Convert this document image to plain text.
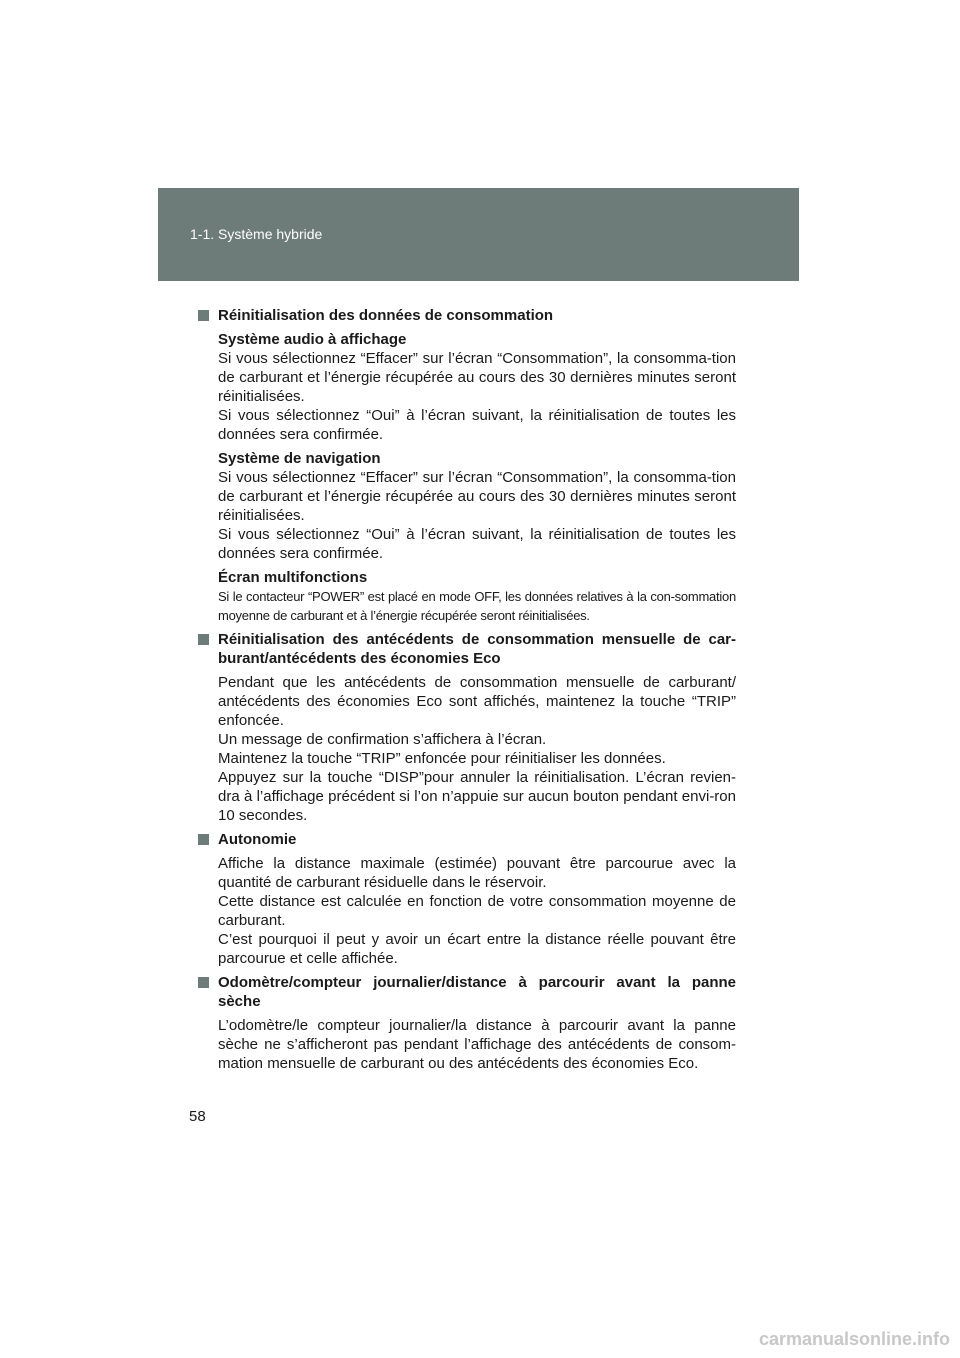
1-1. Système hybride
Réinitialisation des données de consommation

Système audio à affichage

Si vous sélectionnez “Effacer” sur l’écran “Consommation”, la consomma-tion de carburant et l’énergie récupérée au cours des 30 dernières minutes seront réinitialisées.

Si vous sélectionnez “Oui” à l’écran suivant, la réinitialisation de toutes les données sera confirmée.

Système de navigation

Si vous sélectionnez “Effacer” sur l’écran “Consommation”, la consomma-tion de carburant et l’énergie récupérée au cours des 30 dernières minutes seront réinitialisées.

Si vous sélectionnez “Oui” à l’écran suivant, la réinitialisation de toutes les données sera confirmée.

Écran multifonctions

Si le contacteur “POWER” est placé en mode OFF, les données relatives à la con-sommation moyenne de carburant et à l’énergie récupérée seront réinitialisées.

Réinitialisation des antécédents de consommation mensuelle de car-burant/antécédents des économies Eco

Pendant que les antécédents de consommation mensuelle de carburant/ antécédents des économies Eco sont affichés, maintenez la touche “TRIP” enfoncée.

Un message de confirmation s’affichera à l’écran.

Maintenez la touche “TRIP” enfoncée pour réinitialiser les données.

Appuyez sur la touche “DISP”pour annuler la réinitialisation. L’écran revien-dra à l’affichage précédent si l’on n’appuie sur aucun bouton pendant envi-ron 10 secondes.

Autonomie

Affiche la distance maximale (estimée) pouvant être parcourue avec la quantité de carburant résiduelle dans le réservoir.

Cette distance est calculée en fonction de votre consommation moyenne de carburant.

C’est pourquoi il peut y avoir un écart entre la distance réelle pouvant être parcourue et celle affichée.

Odomètre/compteur journalier/distance à parcourir avant la panne sèche

L’odomètre/le compteur journalier/la distance à parcourir avant la panne sèche ne s’afficheront pas pendant l’affichage des antécédents de consom-mation mensuelle de carburant ou des antécédents des économies Eco.

58
carmanualsonline.info
